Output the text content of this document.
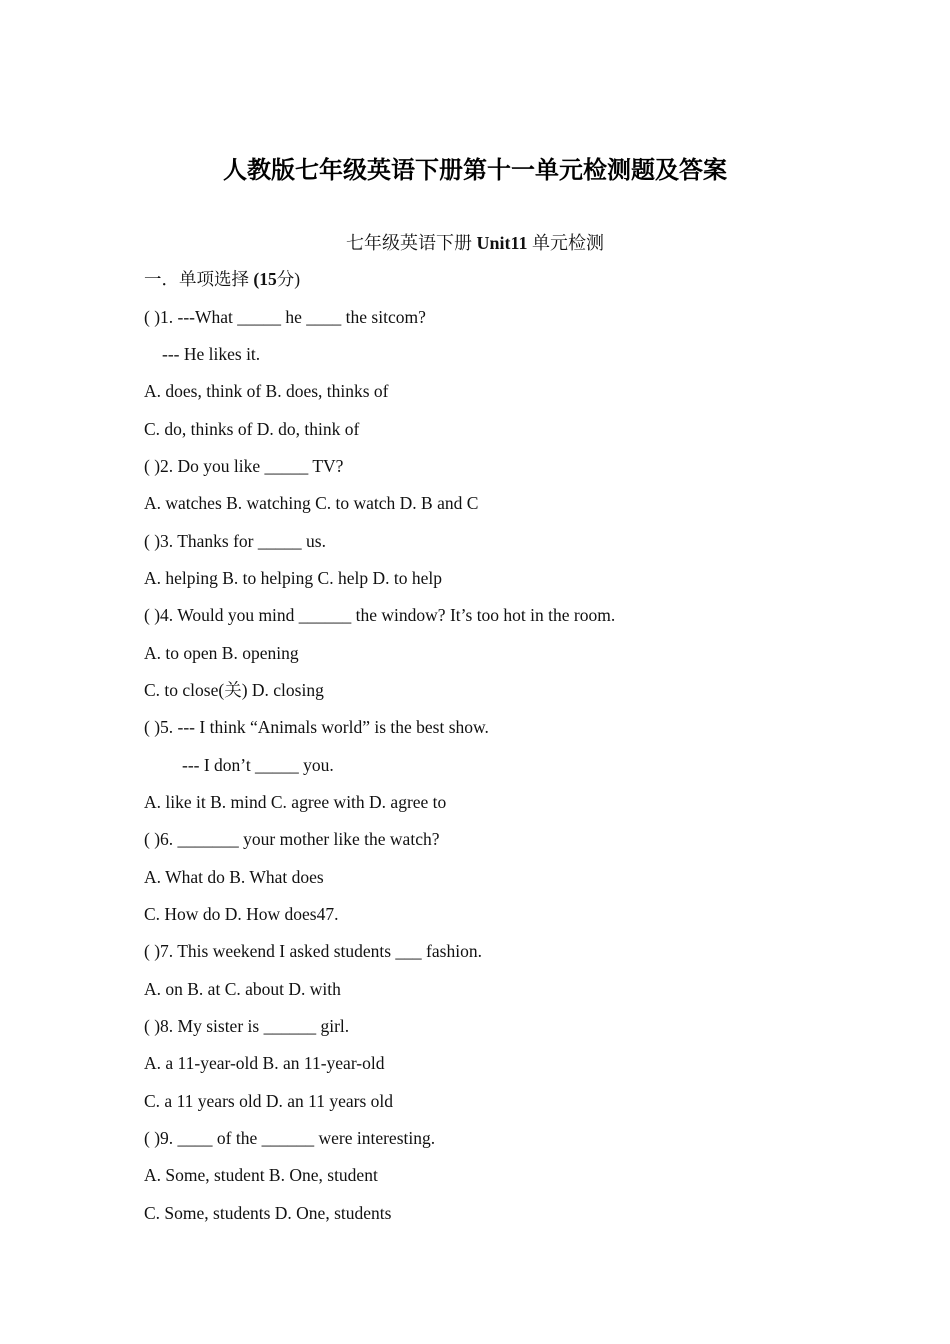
人教版七年级英语下册第十一单元检测题及答案
七年级英语下册 Unit11 单元检测
一．单项选择 (15分)
( )1. ---What _____ he ____ the sitcom?
--- He likes it.
A. does, think of B. does, thinks of
C. do, thinks of D. do, think of
( )2. Do you like _____ TV?
A. watches B. watching C. to watch D. B and C
( )3. Thanks for _____ us.
A. helping B. to helping C. help D. to help
( )4. Would you mind ______ the window? It’s too hot in the room.
A. to open B. opening
C. to close(关) D. closing
( )5. --- I think “Animals world” is the best show.
--- I don’t _____ you.
A. like it B. mind C. agree with D. agree to
( )6. _______ your mother like the watch?
A. What do B. What does
C. How do D. How does47.
( )7. This weekend I asked students ___ fashion.
A. on B. at C. about D. with
( )8. My sister is ______ girl.
A. a 11-year-old B. an 11-year-old
C. a 11 years old D. an 11 years old
( )9. ____ of the ______ were interesting.
A. Some, student B. One, student
C. Some, students D. One, students
